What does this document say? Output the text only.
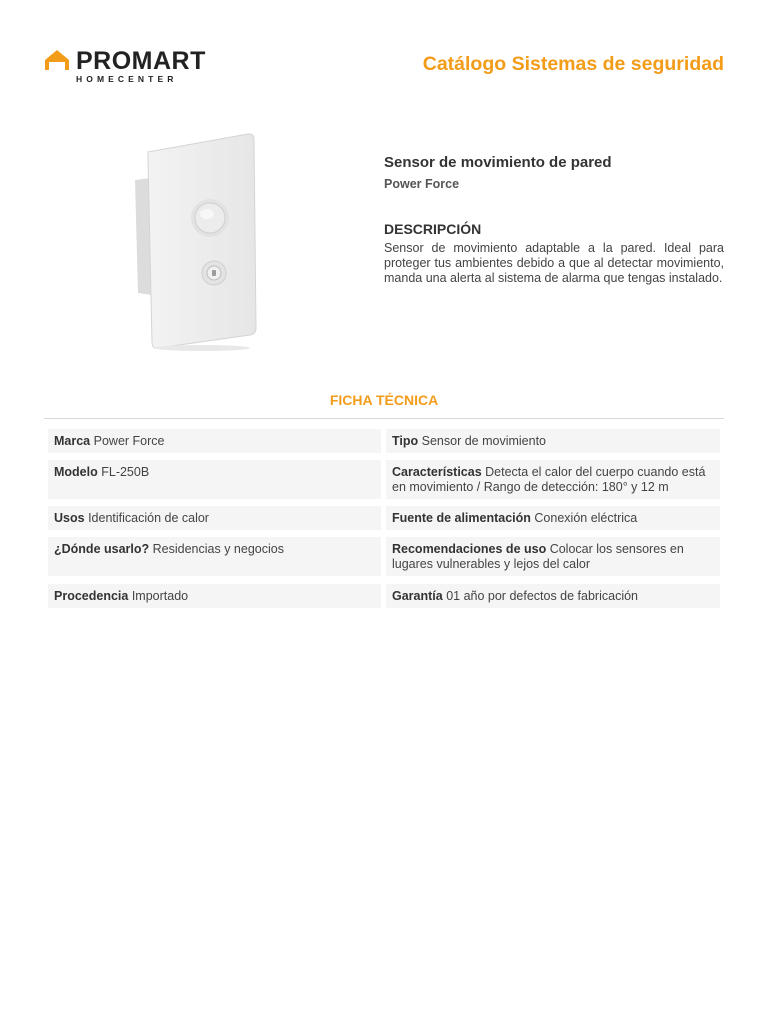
PROMART
HOMECENTER
Catálogo Sistemas de seguridad
Sensor de movimiento de pared
Power Force
DESCRIPCIÓN
Sensor de movimiento adaptable a la pared. Ideal para proteger tus ambientes debido a que al detectar movimiento, manda una alerta al sistema de alarma que tengas instalado.
FICHA TÉCNICA
Marca Power Force	Tipo Sensor de movimiento
Modelo FL-250B	Características Detecta el calor del cuerpo cuando está en movimiento / Rango de detección: 180° y 12 m
Usos Identificación de calor	Fuente de alimentación Conexión eléctrica
¿Dónde usarlo? Residencias y negocios	Recomendaciones de uso Colocar los sensores en lugares vulnerables y lejos del calor
Procedencia Importado	Garantía 01 año por defectos de fabricación
